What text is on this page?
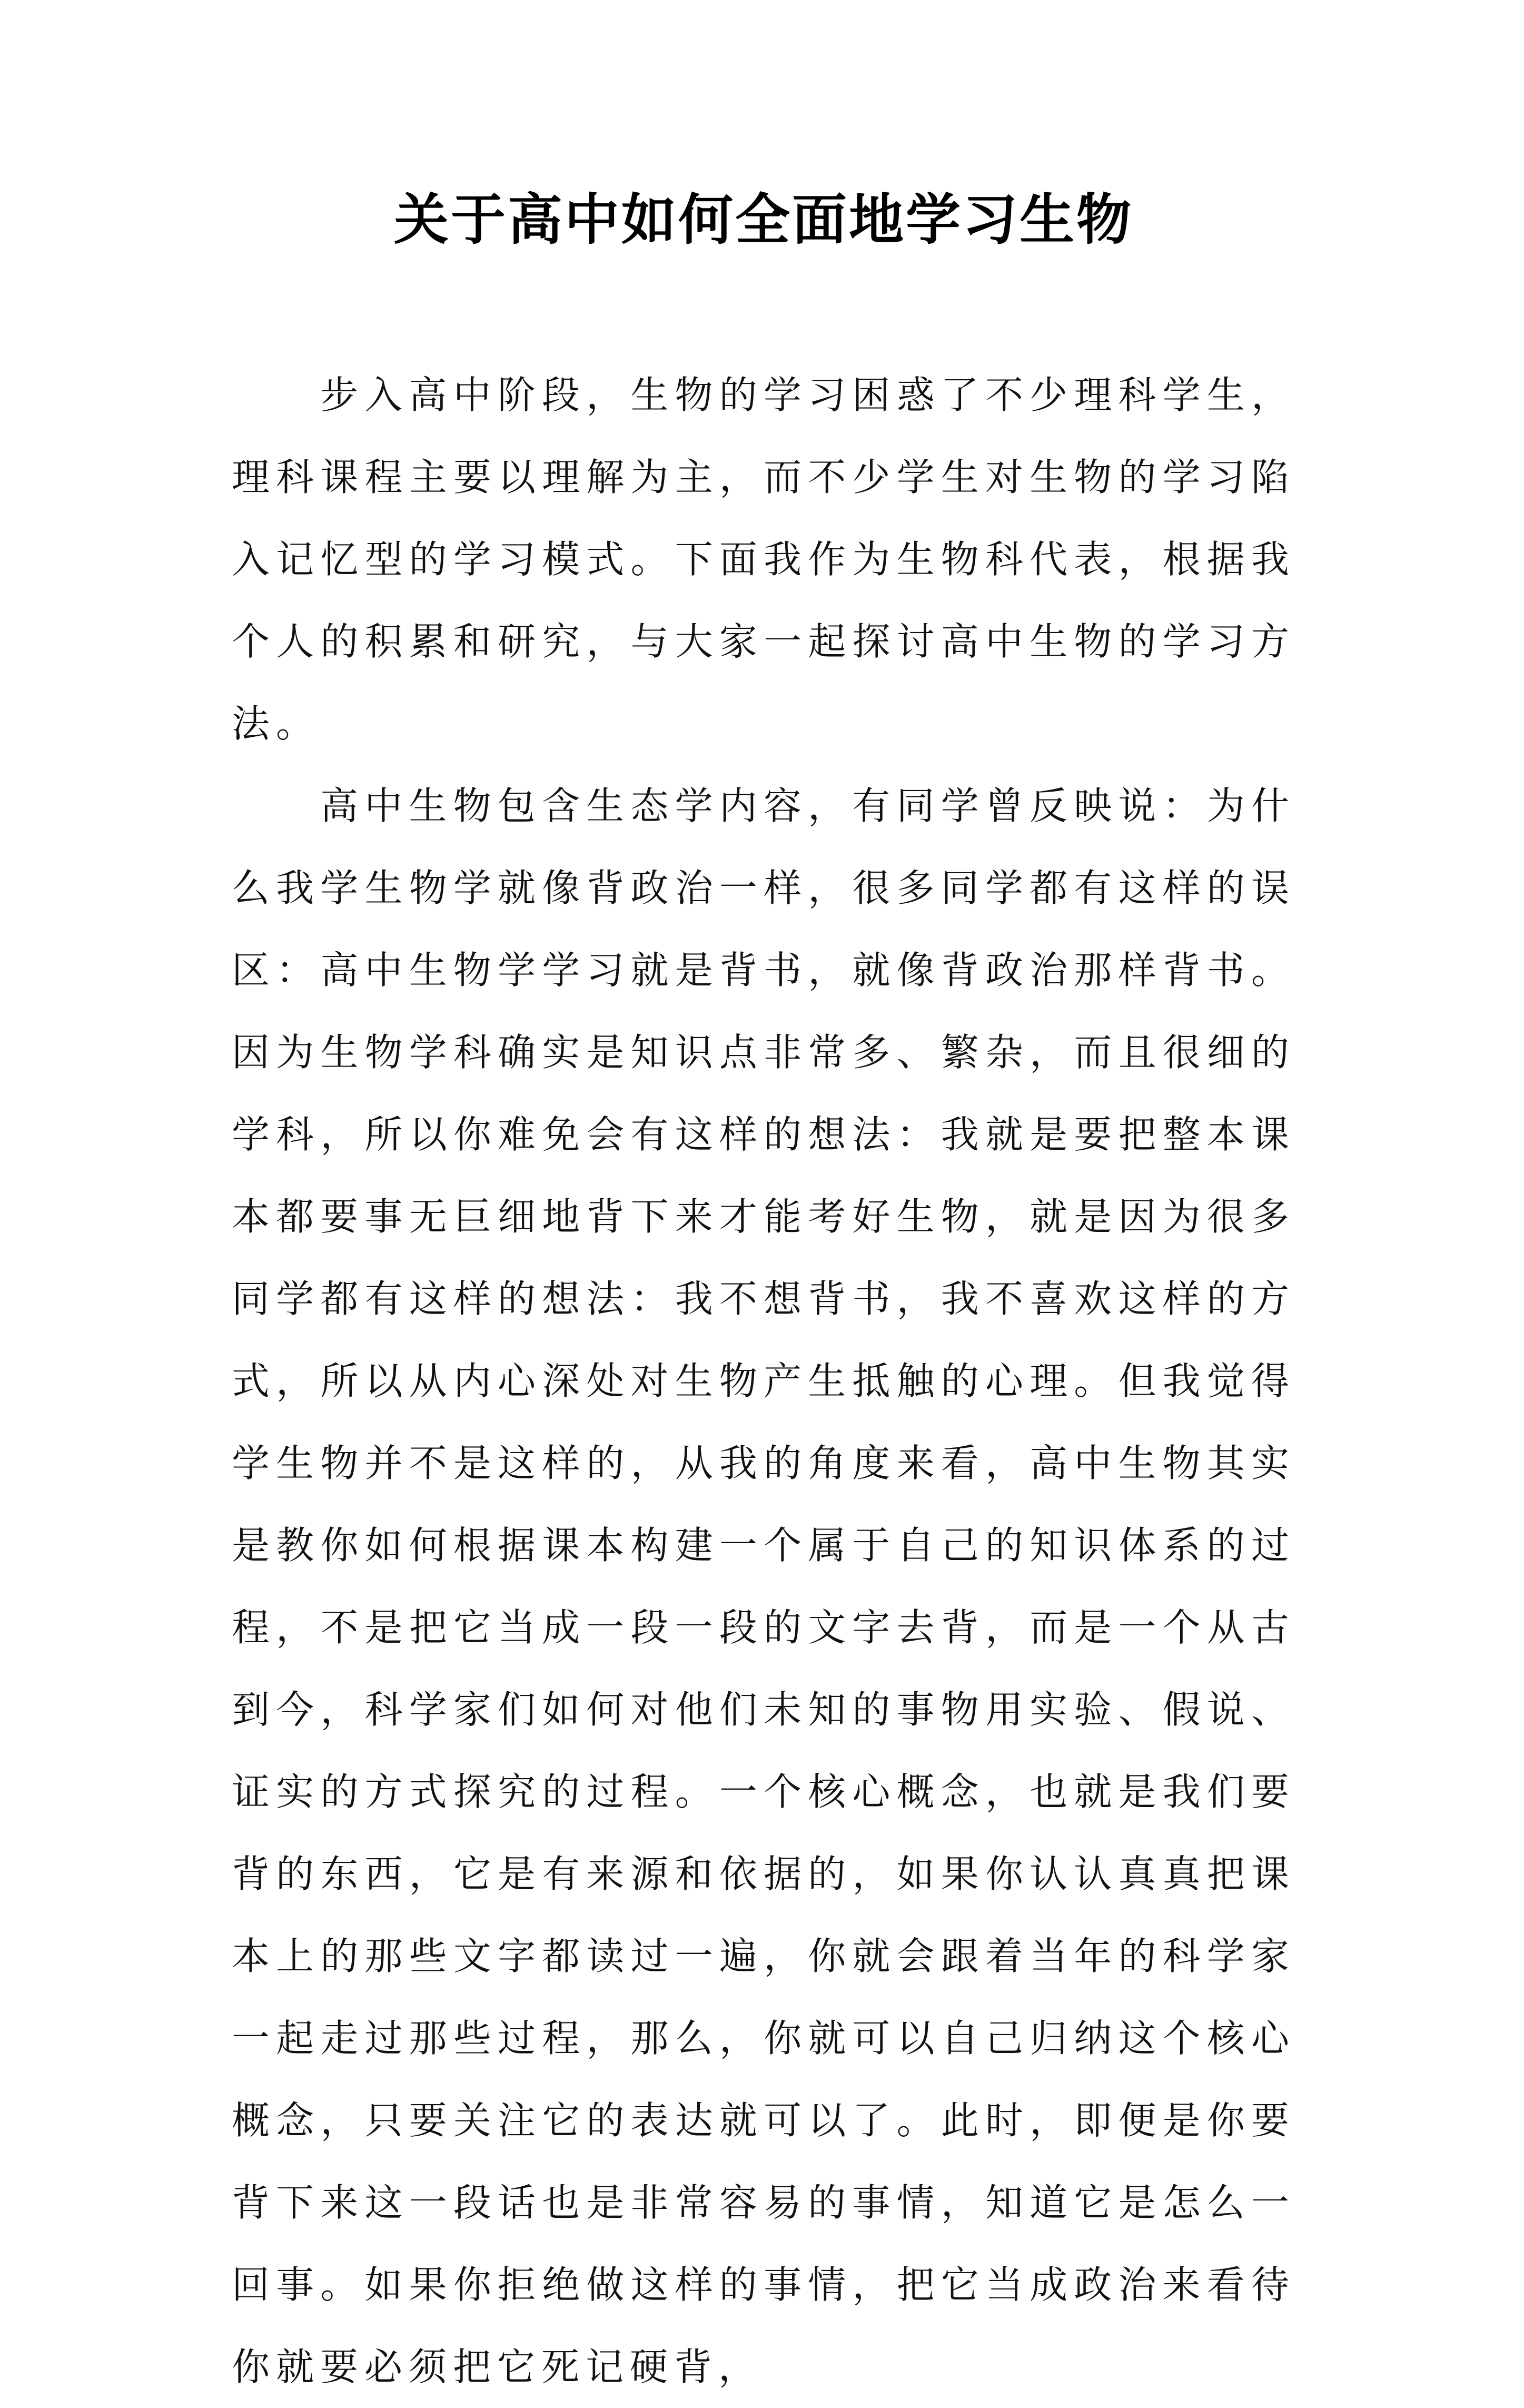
关于高中如何全面地学习生物

步入高中阶段，生物的学习困惑了不少理科学生，理科课程主要以理解为主，而不少学生对生物的学习陷入记忆型的学习模式。下面我作为生物科代表，根据我个人的积累和研究，与大家一起探讨高中生物的学习方法。

高中生物包含生态学内容，有同学曾反映说：为什么我学生物学就像背政治一样，很多同学都有这样的误区：高中生物学学习就是背书，就像背政治那样背书。因为生物学科确实是知识点非常多、繁杂，而且很细的学科，所以你难免会有这样的想法：我就是要把整本课本都要事无巨细地背下来才能考好生物，就是因为很多同学都有这样的想法：我不想背书，我不喜欢这样的方式，所以从内心深处对生物产生抵触的心理。但我觉得学生物并不是这样的，从我的角度来看，高中生物其实是教你如何根据课本构建一个属于自己的知识体系的过程，不是把它当成一段一段的文字去背，而是一个从古到今，科学家们如何对他们未知的事物用实验、假说、证实的方式探究的过程。一个核心概念，也就是我们要背的东西，它是有来源和依据的，如果你认认真真把课本上的那些文字都读过一遍，你就会跟着当年的科学家一起走过那些过程，那么，你就可以自己归纳这个核心概念，只要关注它的表达就可以了。此时，即便是你要背下来这一段话也是非常容易的事情，知道它是怎么一回事。如果你拒绝做这样的事情，把它当成政治来看待你就要必须把它死记硬背，
